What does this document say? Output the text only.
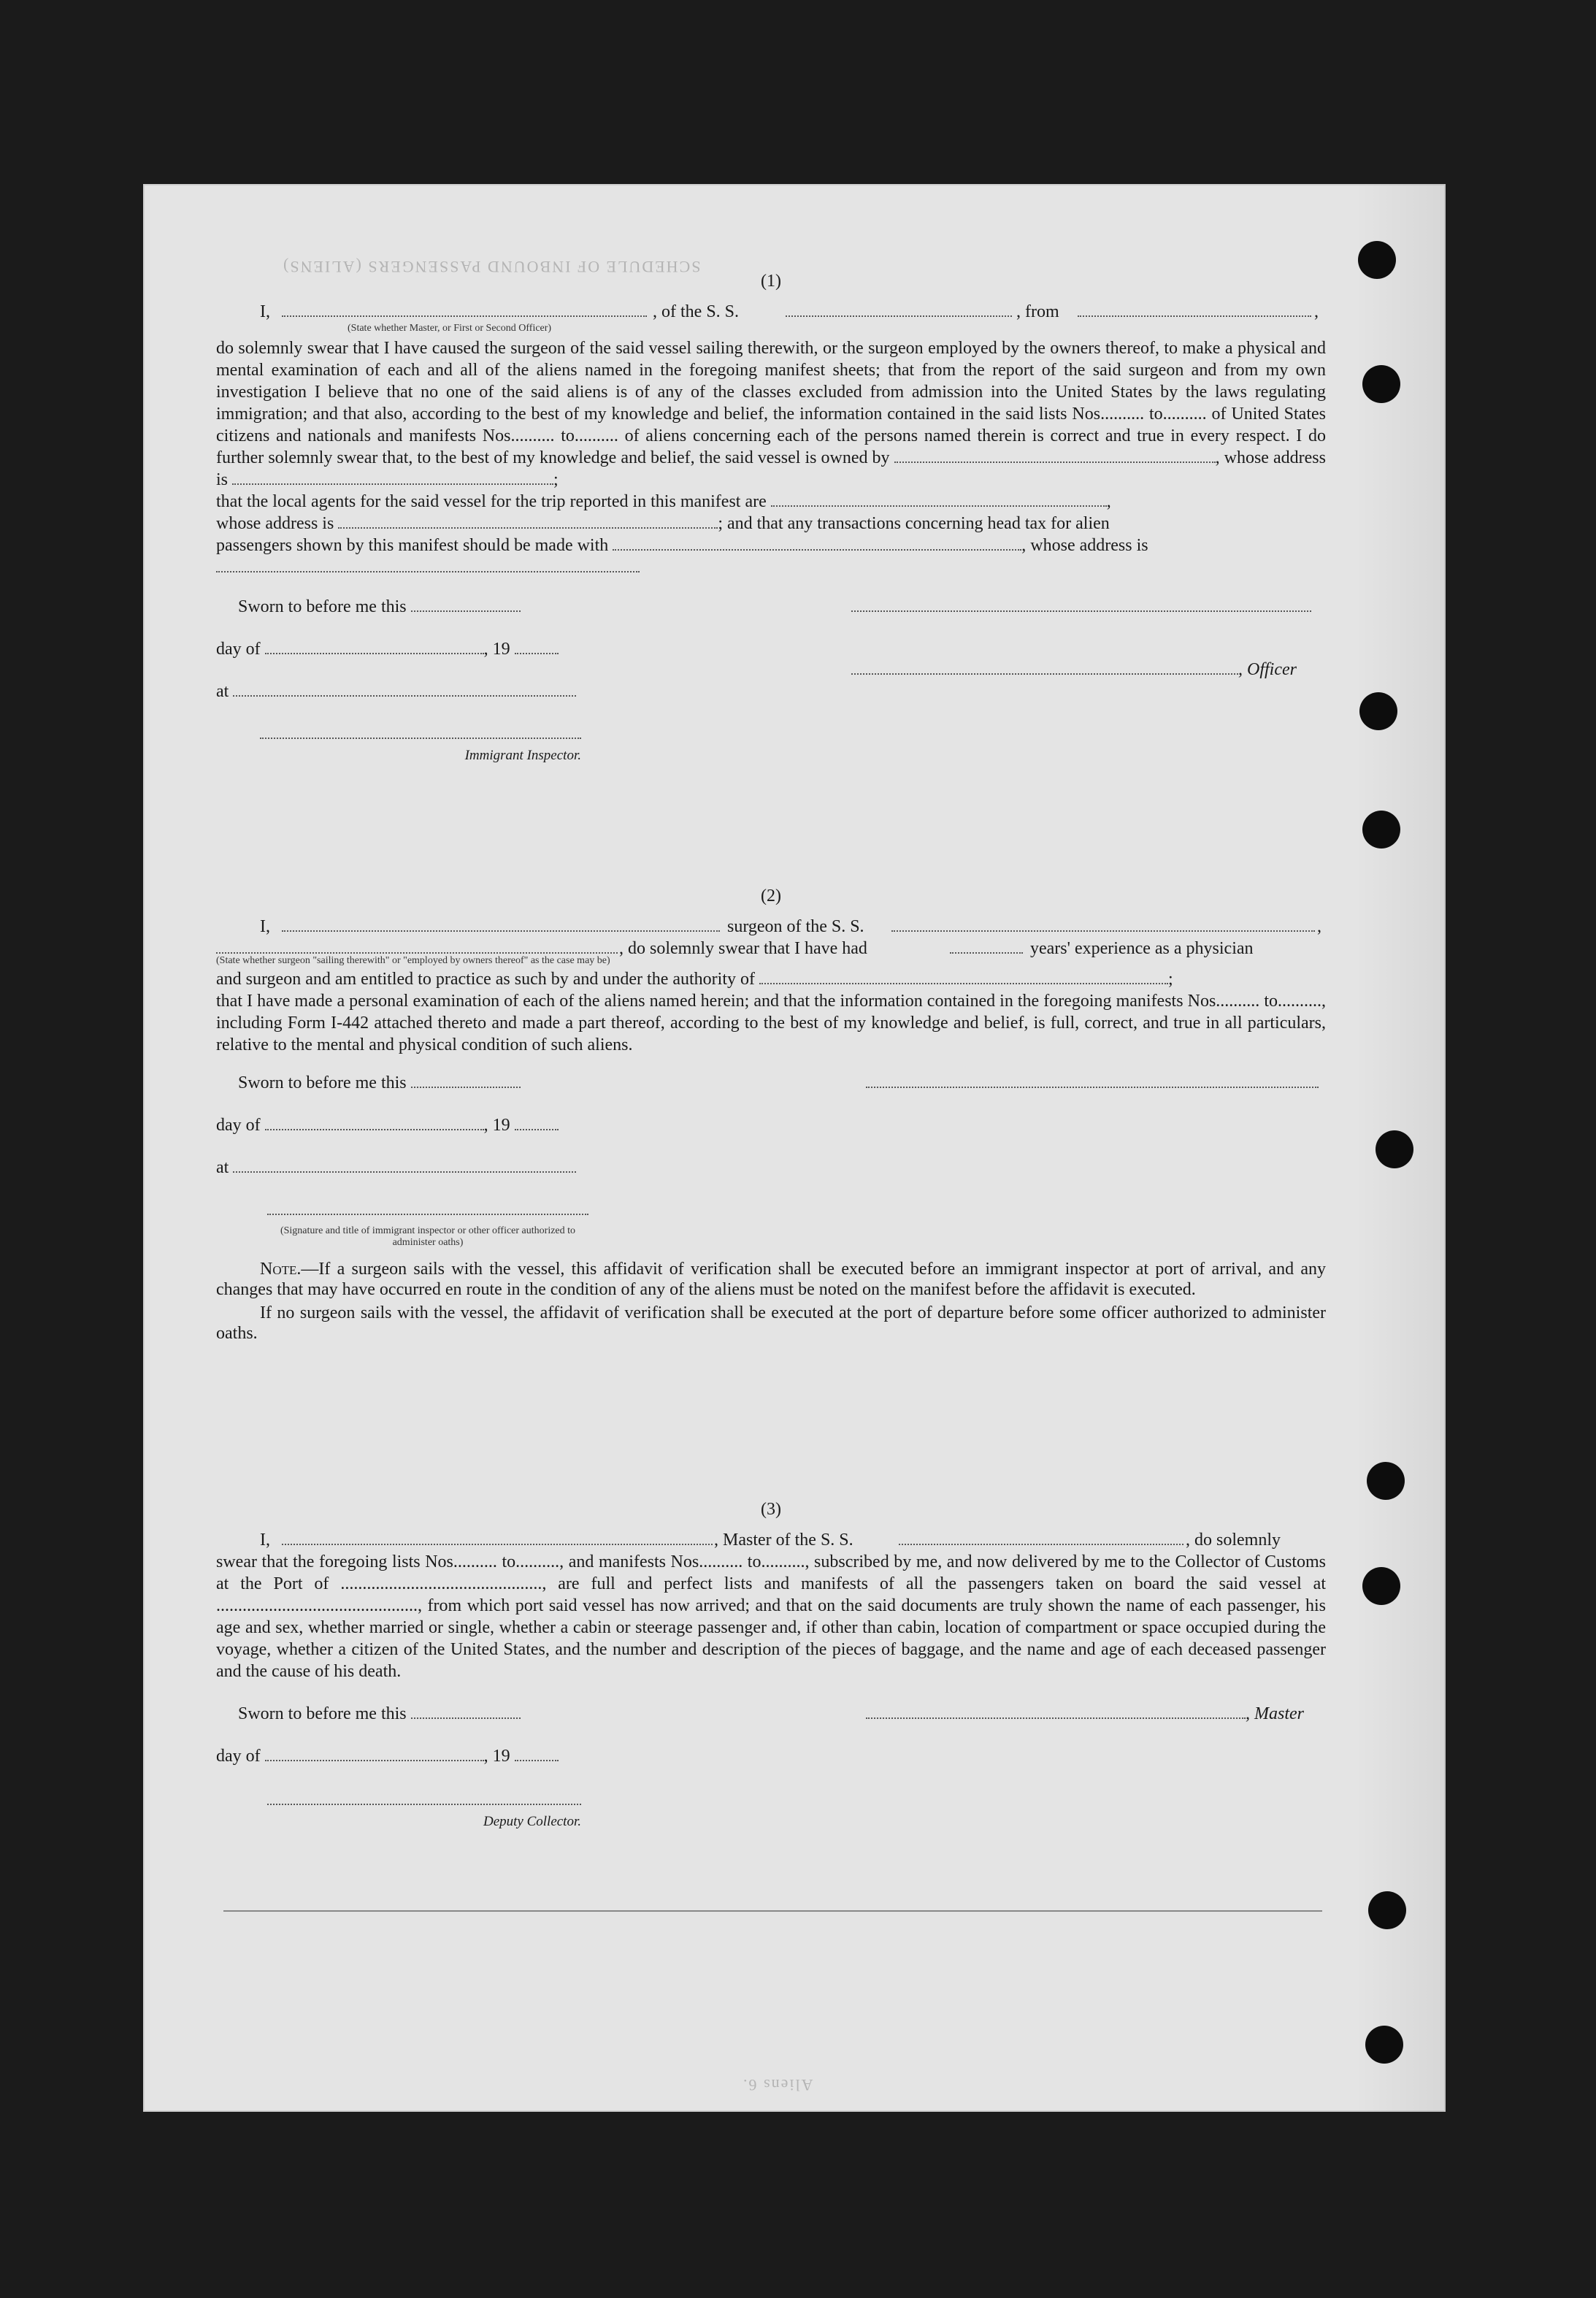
SCHEDULE OF INBOUND PASSENGERS (ALIENS)
Aliens 6.
(1)
I,	, of the S. S.	, from	,
(State whether Master, or First or Second Officer)
do solemnly swear that I have caused the surgeon of the said vessel sailing therewith, or the surgeon employed by the owners thereof, to make a physical and mental examination of each and all of the aliens named in the foregoing manifest sheets; that from the report of the said surgeon and from my own investigation I believe that no one of the said aliens is of any of the classes excluded from admission into the United States by the laws regulating immigration; and that also, according to the best of my knowledge and belief, the information contained in the said lists Nos.......... to.......... of United States citizens and nationals and manifests Nos.......... to.......... of aliens concerning each of the persons named therein is correct and true in every respect. I do further solemnly swear that, to the best of my knowledge and belief, the said vessel is owned by	, whose address is	;
that the local agents for the said vessel for the trip reported in this manifest are	,
whose address is	; and that any transactions concerning head tax for alien
passengers shown by this manifest should be made with	, whose address is
Sworn to before me this
day of	, 19
, Officer
at
Immigrant Inspector.
(2)
I,	surgeon of the S. S.	,
, do solemnly swear that I have had	years' experience as a physician
(State whether surgeon "sailing therewith" or "employed by owners thereof" as the case may be)
and surgeon and am entitled to practice as such by and under the authority of	;
that I have made a personal examination of each of the aliens named herein; and that the information contained in the foregoing manifests Nos.......... to.........., including Form I-442 attached thereto and made a part thereof, according to the best of my knowledge and belief, is full, correct, and true in all particulars, relative to the mental and physical condition of such aliens.
Sworn to before me this
day of	, 19
at
(Signature and title of immigrant inspector or other officer authorized to administer oaths)
Note.—If a surgeon sails with the vessel, this affidavit of verification shall be executed before an immigrant inspector at port of arrival, and any changes that may have occurred en route in the condition of any of the aliens must be noted on the manifest before the affidavit is executed.
If no surgeon sails with the vessel, the affidavit of verification shall be executed at the port of departure before some officer authorized to administer oaths.
(3)
I,	, Master of the S. S.	, do solemnly
swear that the foregoing lists Nos.......... to.........., and manifests Nos.......... to.........., subscribed by me, and now delivered by me to the Collector of Customs at the Port of .............................................., are full and perfect lists and manifests of all the passengers taken on board the said vessel at .............................................., from which port said vessel has now arrived; and that on the said documents are truly shown the name of each passenger, his age and sex, whether married or single, whether a cabin or steerage passenger and, if other than cabin, location of compartment or space occupied during the voyage, whether a citizen of the United States, and the number and description of the pieces of baggage, and the name and age of each deceased passenger and the cause of his death.
Sworn to before me this	, Master
day of	, 19
Deputy Collector.
